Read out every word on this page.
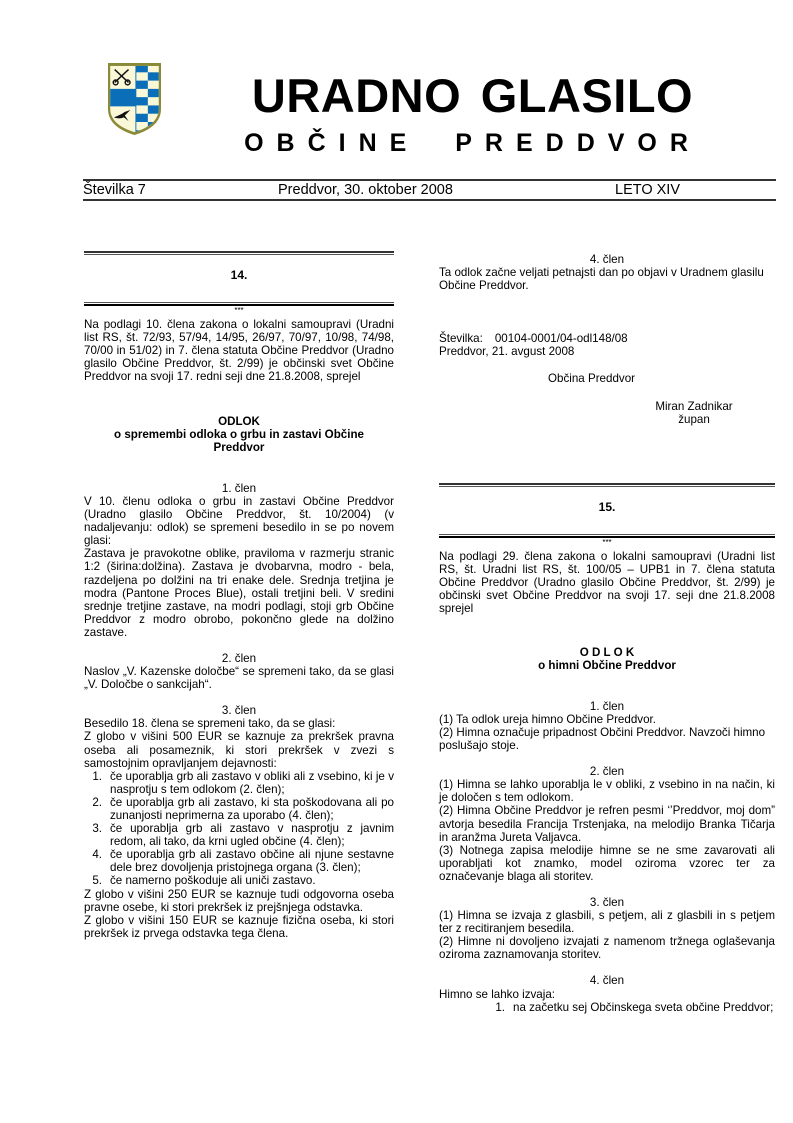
URADNO GLASILO
OBČINE PREDDVOR
Številka 7	Preddvor, 30. oktober 2008	LETO XIV

14.

***

Na podlagi 10. člena zakona o lokalni samoupravi (Uradni list RS, št. 72/93, 57/94, 14/95, 26/97, 70/97, 10/98, 74/98, 70/00 in 51/02) in 7. člena statuta Občine Preddvor (Uradno glasilo Občine Preddvor, št. 2/99) je občinski svet Občine Preddvor na svoji 17. redni seji dne 21.8.2008, sprejel

ODLOK

o spremembi odloka o grbu in zastavi Občine Preddvor

1. člen

V 10. členu odloka o grbu in zastavi Občine Preddvor (Uradno glasilo Občine Preddvor, št. 10/2004) (v nadaljevanju: odlok) se spremeni besedilo in se po novem glasi:

Zastava je pravokotne oblike, praviloma v razmerju stranic 1:2 (širina:dolžina). Zastava je dvobarvna, modro - bela, razdeljena po dolžini na tri enake dele. Srednja tretjina je modra (Pantone Proces Blue), ostali tretjini beli. V sredini srednje tretjine zastave, na modri podlagi, stoji grb Občine Preddvor z modro obrobo, pokončno glede na dolžino zastave.

2. člen

Naslov „V. Kazenske določbe“ se spremeni tako, da se glasi „V. Določbe o sankcijah“.

3. člen

Besedilo 18. člena se spremeni tako, da se glasi:

Z globo v višini 500 EUR se kaznuje za prekršek pravna oseba ali posameznik, ki stori prekršek v zvezi s samostojnim opravljanjem dejavnosti:

1. če uporablja grb ali zastavo v obliki ali z vsebino, ki je v nasprotju s tem odlokom (2. člen);
2. če uporablja grb ali zastavo, ki sta poškodovana ali po zunanjosti neprimerna za uporabo (4. člen);
3. če uporablja grb ali zastavo v nasprotju z javnim redom, ali tako, da krni ugled občine (4. člen);
4. če uporablja grb ali zastavo občine ali njune sestavne dele brez dovoljenja pristojnega organa (3. člen);
5. če namerno poškoduje ali uniči zastavo.

Z globo v višini 250 EUR se kaznuje tudi odgovorna oseba pravne osebe, ki stori prekršek iz prejšnjega odstavka.

Z globo v višini 150 EUR se kaznuje fizična oseba, ki stori prekršek iz prvega odstavka tega člena.

4. člen

Ta odlok začne veljati petnajsti dan po objavi v Uradnem glasilu Občine Preddvor.

Številka: 00104-0001/04-odl148/08

Preddvor, 21. avgust 2008

Občina Preddvor

Miran Zadnikar

župan

15.

***

Na podlagi 29. člena zakona o lokalni samoupravi (Uradni list RS, št. Uradni list RS, št. 100/05 – UPB1 in 7. člena statuta Občine Preddvor (Uradno glasilo Občine Preddvor, št. 2/99) je občinski svet Občine Preddvor na svoji 17. seji dne 21.8.2008 sprejel

O D L O K

o himni Občine Preddvor

1. člen

(1) Ta odlok ureja himno Občine Preddvor.

(2) Himna označuje pripadnost Občini Preddvor. Navzoči himno poslušajo stoje.

2. člen

(1) Himna se lahko uporablja le v obliki, z vsebino in na način, ki je določen s tem odlokom.

(2) Himna Občine Preddvor je refren pesmi ‘’Preddvor, moj dom” avtorja besedila Francija Trstenjaka, na melodijo Branka Tičarja in aranžma Jureta Valjavca.

(3) Notnega zapisa melodije himne se ne sme zavarovati ali uporabljati kot znamko, model oziroma vzorec ter za označevanje blaga ali storitev.

3. člen

(1) Himna se izvaja z glasbili, s petjem, ali z glasbili in s petjem ter z recitiranjem besedila.

(2) Himne ni dovoljeno izvajati z namenom tržnega oglaševanja oziroma zaznamovanja storitev.

4. člen

Himno se lahko izvaja:

1. na začetku sej Občinskega sveta občine Preddvor;
